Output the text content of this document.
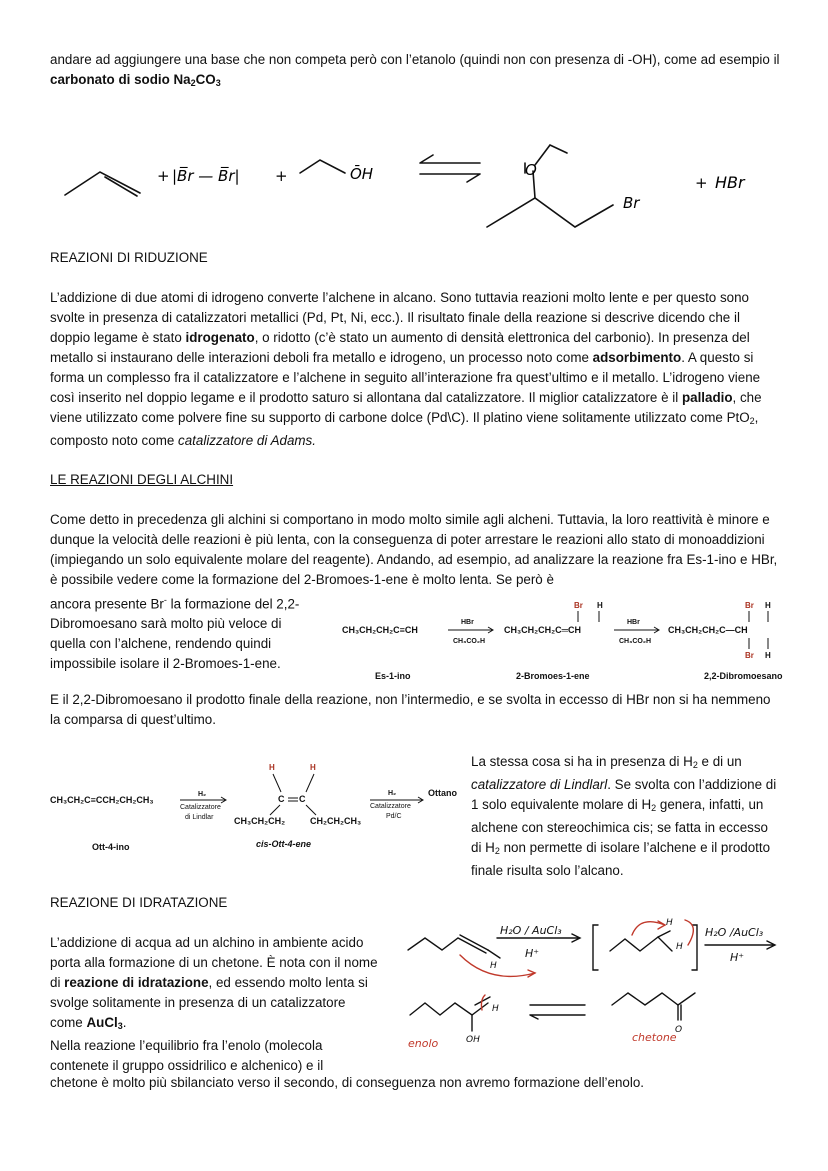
andare ad aggiungere una base che non competa però con l’etanolo (quindi non con presenza di -OH), come ad esempio il carbonato di sodio $Na_2CO_3$
+ |B̅r — B̅r| +	ŌH	O
Br
+ HBr
REAZIONI DI RIDUZIONE
L’addizione di due atomi di idrogeno converte l’alchene in alcano. Sono tuttavia reazioni molto lente e per questo sono svolte in presenza di catalizzatori metallici (Pd, Pt, Ni, ecc.). Il risultato finale della reazione si descrive dicendo che il doppio legame è stato idrogenato, o ridotto (c’è stato un aumento di densità elettronica del carbonio). In presenza del metallo si instaurano delle interazioni deboli fra metallo e idrogeno, un processo noto come adsorbimento. A questo si forma un complesso fra il catalizzatore e l’alchene in seguito all’interazione fra quest’ultimo e il metallo. L’idrogeno viene così inserito nel doppio legame e il prodotto saturo si allontana dal catalizzatore. Il miglior catalizzatore è il palladio, che viene utilizzato come polvere fine su supporto di carbone dolce (Pd\C). Il platino viene solitamente utilizzato come PtO$_2$, composto noto come catalizzatore di Adams.
LE REAZIONI DEGLI ALCHINI
Come detto in precedenza gli alchini si comportano in modo molto simile agli alcheni. Tuttavia, la loro reattività è minore e dunque la velocità delle reazioni è più lenta, con la conseguenza di poter arrestare le reazioni allo stato di monoaddizioni (impiegando un solo equivalente molare del reagente). Andando, ad esempio, ad analizzare la reazione fra Es-1-ino e HBr, è possibile vedere come la formazione del 2-Bromoes-1-ene è molto lenta. Se però è
ancora presente Br- la formazione del 2,2-Dibromoesano sarà molto più veloce di quella con l’alchene, rendendo quindi impossibile isolare il 2-Bromoes-1-ene.
CH₃CH₂CH₂C≡CH
HBr
CH₃CO₂H
CH₃CH₂CH₂C═CH
Br H
HBr
CH₃CO₂H
CH₃CH₂CH₂C—CH
Br H
Br H
Es-1-ino	2-Bromoes-1-ene	2,2-Dibromoesano
E il 2,2-Dibromoesano il prodotto finale della reazione, non l’intermedio, e se svolta in eccesso di HBr non si ha nemmeno la comparsa di quest’ultimo.
CH₃CH₂C≡CCH₂CH₂CH₃
H₂
Catalizzatore
di Lindlar
H	H
C C
CH₃CH₂CH₂	CH₂CH₂CH₃
H₂
Catalizzatore
Pd/C
Ottano
Ott-4-ino	cis-Ott-4-ene
La stessa cosa si ha in presenza di $H_2$ e di un catalizzatore di Lindlarl. Se svolta con l’addizione di 1 solo equivalente molare di $H_2$ genera, infatti, un alchene con stereochimica cis; se fatta in eccesso di $H_2$ non permette di isolare l’alchene e il prodotto finale risulta solo l’alcano.
REAZIONE DI IDRATAZIONE
L’addizione di acqua ad un alchino in ambiente acido porta alla formazione di un chetone. È nota con il nome di reazione di idratazione, ed essendo molto lenta si svolge solitamente in presenza di un catalizzatore come AuCl$_3$.
Nella reazione l’equilibrio fra l’enolo (molecola contenete il gruppo ossidrilico e alchenico) e il
chetone è molto più sbilanciato verso il secondo, di conseguenza non avremo formazione dell’enolo.
H₂O / AuCl₃
H⁺
H₂O /AuCl₃
H⁺
H
H
H
H
OH
O
enolo	chetone
